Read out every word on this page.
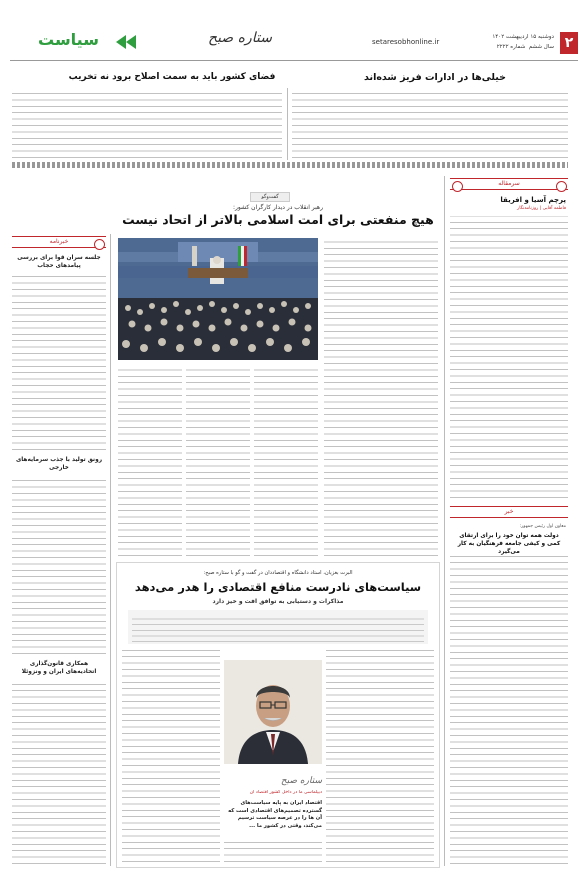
۲
دوشنبه ۱۵ اردیبهشت ۱۴۰۲
سال ششم ‌ شماره ۲۲۲۲
setaresobhonline.ir
ستاره صبح
سیاست
فضای کشور باید به سمت اصلاح برود نه تخریب	خیلی‌ها در ادارات فریز شده‌اند
سرمقاله
پرچم آسیا و افریقا
فاطمه آقایی | روزنامه‌نگار
خبر
معاون اول رئیس جمهور:
دولت همه توان خود را برای ارتقای کمی و کیفی جامعه فرهنگیان به کار می‌گیرد
خبرنامه
جلسه سران قوا برای بررسی پیامدهای حجاب
رونق تولید با جذب سرمایه‌های خارجی
همکاری قانون‌گذاری اتحادیه‌های ایران و ونزوئلا
گفت‌وگو
رهبر انقلاب در دیدار کارگران کشور:
هیچ منفعتی برای امت اسلامی بالاتر از اتحاد نیست
البرت بغزیان، استاد دانشگاه و اقتصاددان در گفت و گو با ستاره صبح:
سیاست‌های نادرست منافع اقتصادی را هدر می‌دهد
مذاکرات و دستیابی به توافق افت و خیز دارد
ستاره صبح
دیپلماسی ما در داخل کشور اقتصاد آن
اقتصاد ایران به پایه سیاست‌های گسترده تصمیم‌های اقتصادی است که آن ها را در عرصه سیاست ترسیم می‌کند، وقتی در کشور ما ...
